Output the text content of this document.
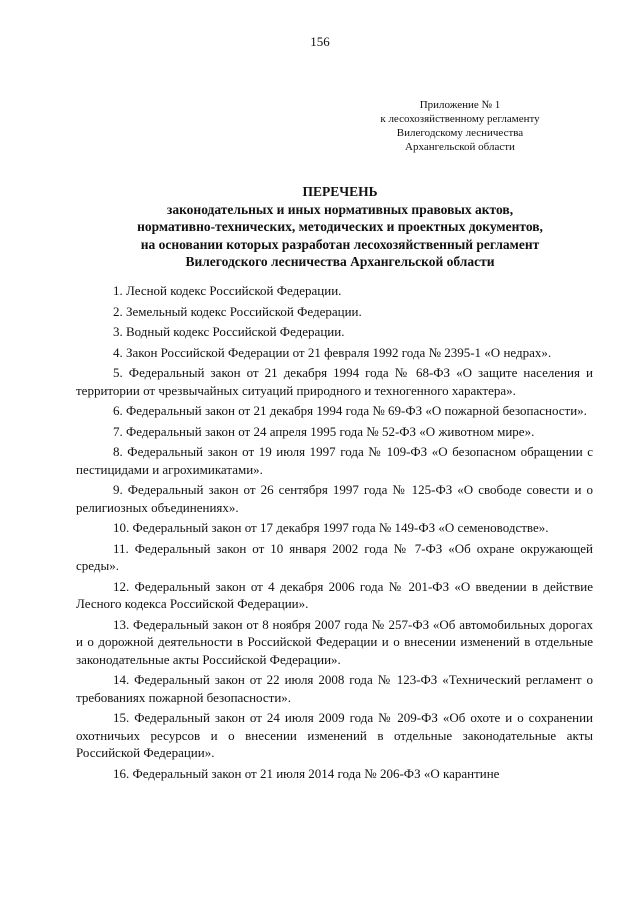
156
Приложение № 1
к лесохозяйственному регламенту
Вилегодскому лесничества
Архангельской области
ПЕРЕЧЕНЬ
законодательных и иных нормативных правовых актов,
нормативно-технических, методических и проектных документов,
на основании которых разработан лесохозяйственный регламент
Вилегодского лесничества Архангельской области

1. Лесной кодекс Российской Федерации.

2. Земельный кодекс Российской Федерации.

3. Водный кодекс Российской Федерации.

4. Закон Российской Федерации от 21 февраля 1992 года № 2395-1 «О недрах».

5. Федеральный закон от 21 декабря 1994 года № 68-ФЗ «О защите населения и территории от чрезвычайных ситуаций природного и техногенного характера».

6. Федеральный закон от 21 декабря 1994 года № 69-ФЗ «О пожарной безопасности».

7. Федеральный закон от 24 апреля 1995 года № 52-ФЗ «О животном мире».

8. Федеральный закон от 19 июля 1997 года № 109-ФЗ «О безопасном обращении с пестицидами и агрохимикатами».

9. Федеральный закон от 26 сентября 1997 года № 125-ФЗ «О свободе совести и о религиозных объединениях».

10. Федеральный закон от 17 декабря 1997 года № 149-ФЗ «О семеноводстве».

11. Федеральный закон от 10 января 2002 года № 7-ФЗ «Об охране окружающей среды».

12. Федеральный закон от 4 декабря 2006 года № 201-ФЗ «О введении в действие Лесного кодекса Российской Федерации».

13. Федеральный закон от 8 ноября 2007 года № 257-ФЗ «Об автомобильных дорогах и о дорожной деятельности в Российской Федерации и о внесении изменений в отдельные законодательные акты Российской Федерации».

14. Федеральный закон от 22 июля 2008 года № 123-ФЗ «Технический регламент о требованиях пожарной безопасности».

15. Федеральный закон от 24 июля 2009 года № 209-ФЗ «Об охоте и о сохранении охотничьих ресурсов и о внесении изменений в отдельные законодательные акты Российской Федерации».

16. Федеральный закон от 21 июля 2014 года № 206-ФЗ «О карантине
